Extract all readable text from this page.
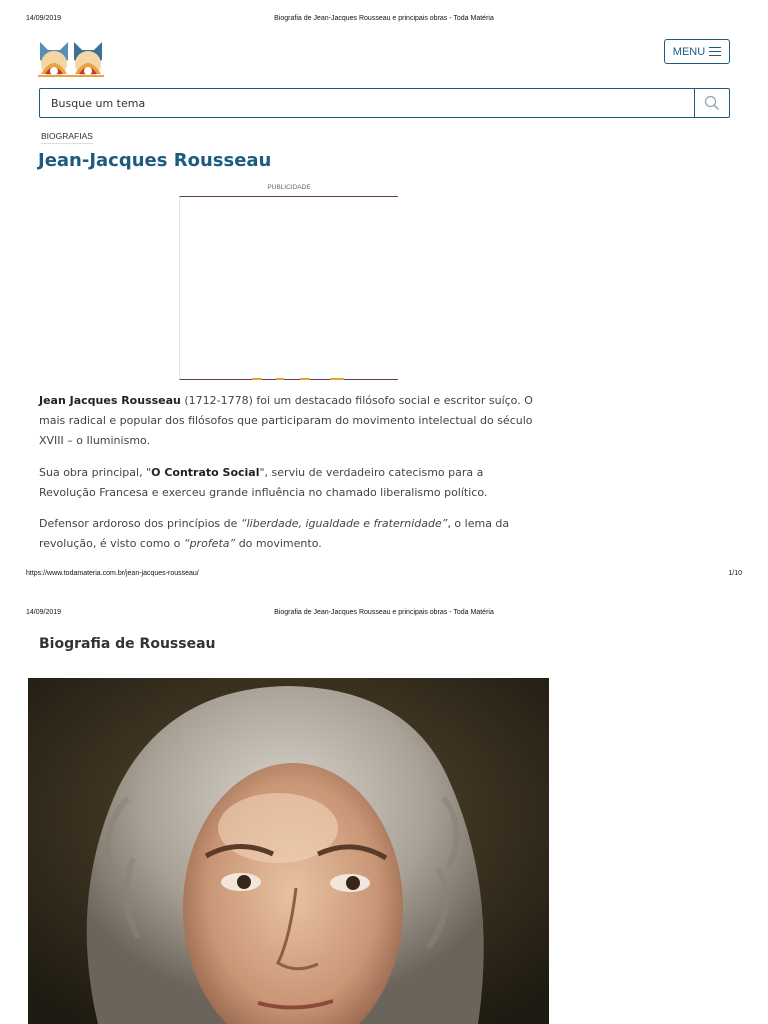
14/09/2019	Biografia de Jean-Jacques Rousseau e principais obras - Toda Matéria
MENU
Busque um tema
BIOGRAFIAS
Jean-Jacques Rousseau
PUBLICIDADE

Jean Jacques Rousseau (1712-1778) foi um destacado filósofo social e escritor suíço. O mais radical e popular dos filósofos que participaram do movimento intelectual do século XVIII – o Iluminismo.

Sua obra principal, "O Contrato Social", serviu de verdadeiro catecismo para a Revolução Francesa e exerceu grande influência no chamado liberalismo político.

Defensor ardoroso dos princípios de “liberdade, igualdade e fraternidade”, o lema da revolução, é visto como o “profeta” do movimento.

https://www.todamateria.com.br/jean-jacques-rousseau/	1/10
14/09/2019	Biografia de Jean-Jacques Rousseau e principais obras - Toda Matéria
Biografia de Rousseau
